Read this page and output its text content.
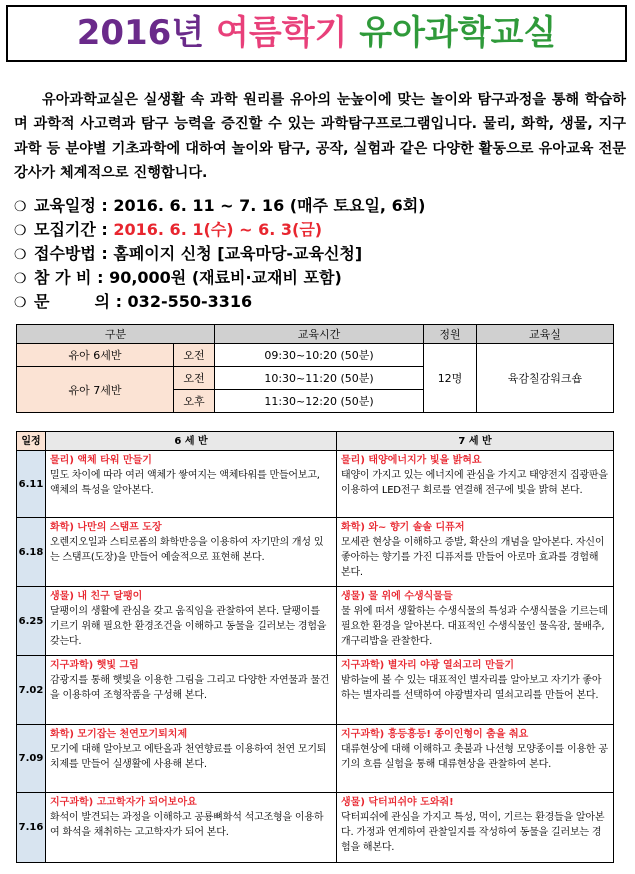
2016년 여름학기 유아과학교실
유아과학교실은 실생활 속 과학 원리를 유아의 눈높이에 맞는 놀이와 탐구과정을 통해 학습하며 과학적 사고력과 탐구 능력을 증진할 수 있는 과학탐구프로그램입니다. 물리, 화학, 생물, 지구과학 등 분야별 기초과학에 대하여 놀이와 탐구, 공작, 실험과 같은 다양한 활동으로 유아교육 전문 강사가 체계적으로 진행합니다.
❍ 교육일정 : 2016. 6. 11 ~ 7. 16 (매주 토요일, 6회)
❍ 모집기간 : 2016. 6. 1(수) ~ 6. 3(금)
❍ 접수방법 : 홈페이지 신청 [교육마당-교육신청]
❍ 참 가 비 : 90,000원 (재료비·교재비 포함)
❍ 문 의 : 032-550-3316
구분		교육시간	정원	교육실
유아 6세반	오전	09:30~10:20 (50분)	12명	육감칠감워크숍
유아 7세반	오전	10:30~11:20 (50분)		
	오후	11:30~12:20 (50분)		
일정	6 세 반	7 세 반
6.11	물리) 액체 타워 만들기
밀도 차이에 따라 여러 액체가 쌓여지는 액체타워를 만들어보고, 액체의 특성을 알아본다.	물리) 태양에너지가 빛을 밝혀요
태양이 가지고 있는 에너지에 관심을 가지고 태양전지 집광판을 이용하여 LED전구 회로를 연결해 전구에 빛을 밝혀 본다.

6.18	화학) 나만의 스탬프 도장
오렌지오일과 스티로폼의 화학반응을 이용하여 자기만의 개성 있는 스탬프(도장)을 만들어 예술적으로 표현해 본다.	화학) 와~ 향기 솔솔 디퓨저
모세관 현상을 이해하고 증발, 확산의 개념을 알아본다. 자신이 좋아하는 향기를 가진 디퓨저를 만들어 아로마 효과를 경험해 본다.

6.25	생물) 내 친구 달팽이
달팽이의 생활에 관심을 갖고 움직임을 관찰하여 본다. 달팽이를 기르기 위해 필요한 환경조건을 이해하고 동물을 길러보는 경험을 갖는다.	생물) 물 위에 수생식물들
물 위에 떠서 생활하는 수생식물의 특성과 수생식물을 기르는데 필요한 환경을 알아본다. 대표적인 수생식물인 물옥잠, 물배추, 개구리밥을 관찰한다.

7.02	지구과학) 햇빛 그림
감광지를 통해 햇빛을 이용한 그림을 그리고 다양한 자연물과 물건을 이용하여 조형작품을 구성해 본다.	지구과학) 별자리 야광 열쇠고리 만들기
밤하늘에 볼 수 있는 대표적인 별자리를 알아보고 자기가 좋아하는 별자리를 선택하여 야광별자리 열쇠고리를 만들어 본다.

7.09	화학) 모기잡는 천연모기퇴치제
모기에 대해 알아보고 에탄올과 천연향료를 이용하여 천연 모기퇴치제를 만들어 실생활에 사용해 본다.	지구과학) 흥등흥등! 종이인형이 춤을 춰요
대류현상에 대해 이해하고 촛불과 나선형 모양종이를 이용한 공기의 흐름 실험을 통해 대류현상을 관찰하여 본다.

7.16	지구과학) 고고학자가 되어보아요
화석이 발견되는 과정을 이해하고 공룡뼈화석 석고조형을 이용하여 화석을 채취하는 고고학자가 되어 본다.	생물) 닥터피쉬야 도와줘!
닥터피쉬에 관심을 가지고 특성, 먹이, 기르는 환경들을 알아본다. 가정과 연계하여 관찰일지를 작성하여 동물을 길러보는 경험을 해본다.
